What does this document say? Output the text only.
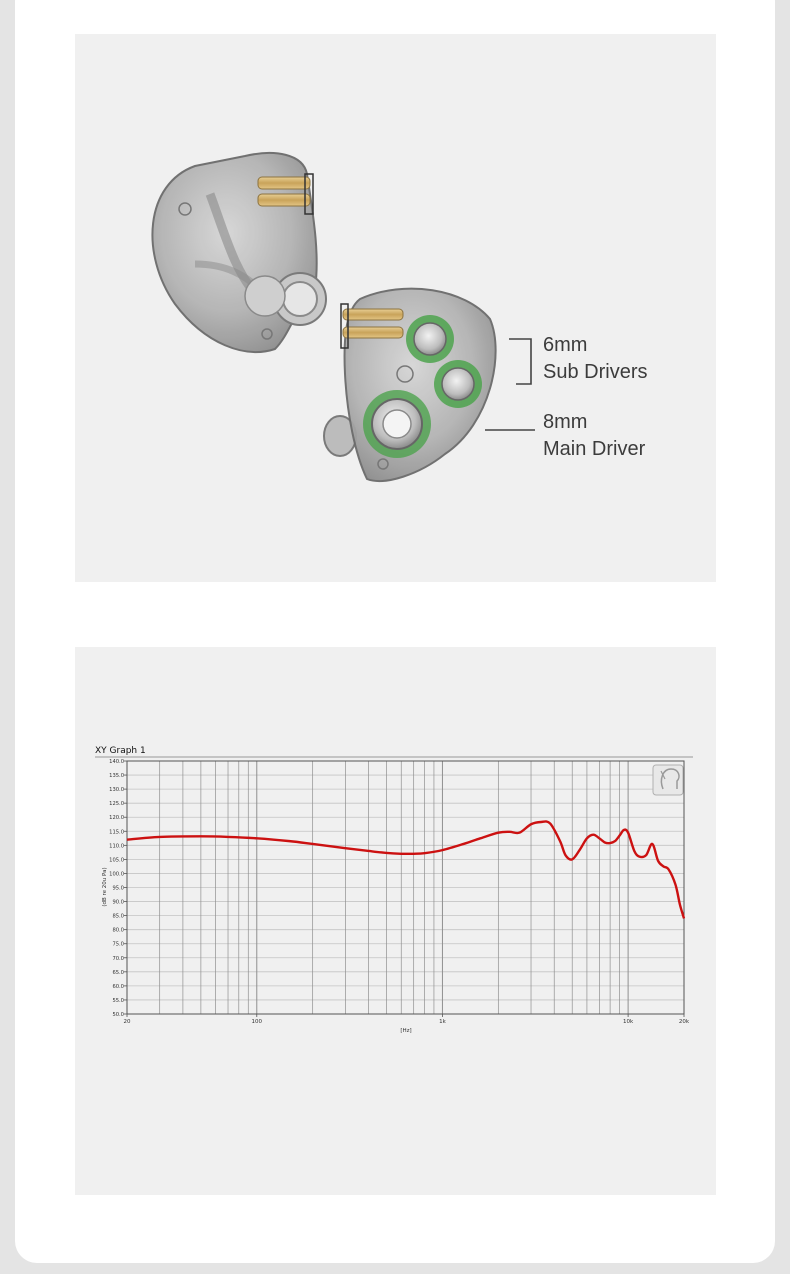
6mm
Sub Drivers
8mm
Main Driver
XY Graph 1
140.0
135.0
130.0
125.0
120.0
115.0
110.0
105.0
100.0
95.0
90.0
85.0
80.0
75.0
70.0
65.0
60.0
55.0
50.0
20	100	1k	10k	20k
(dB re 20u Pa)
[Hz]
